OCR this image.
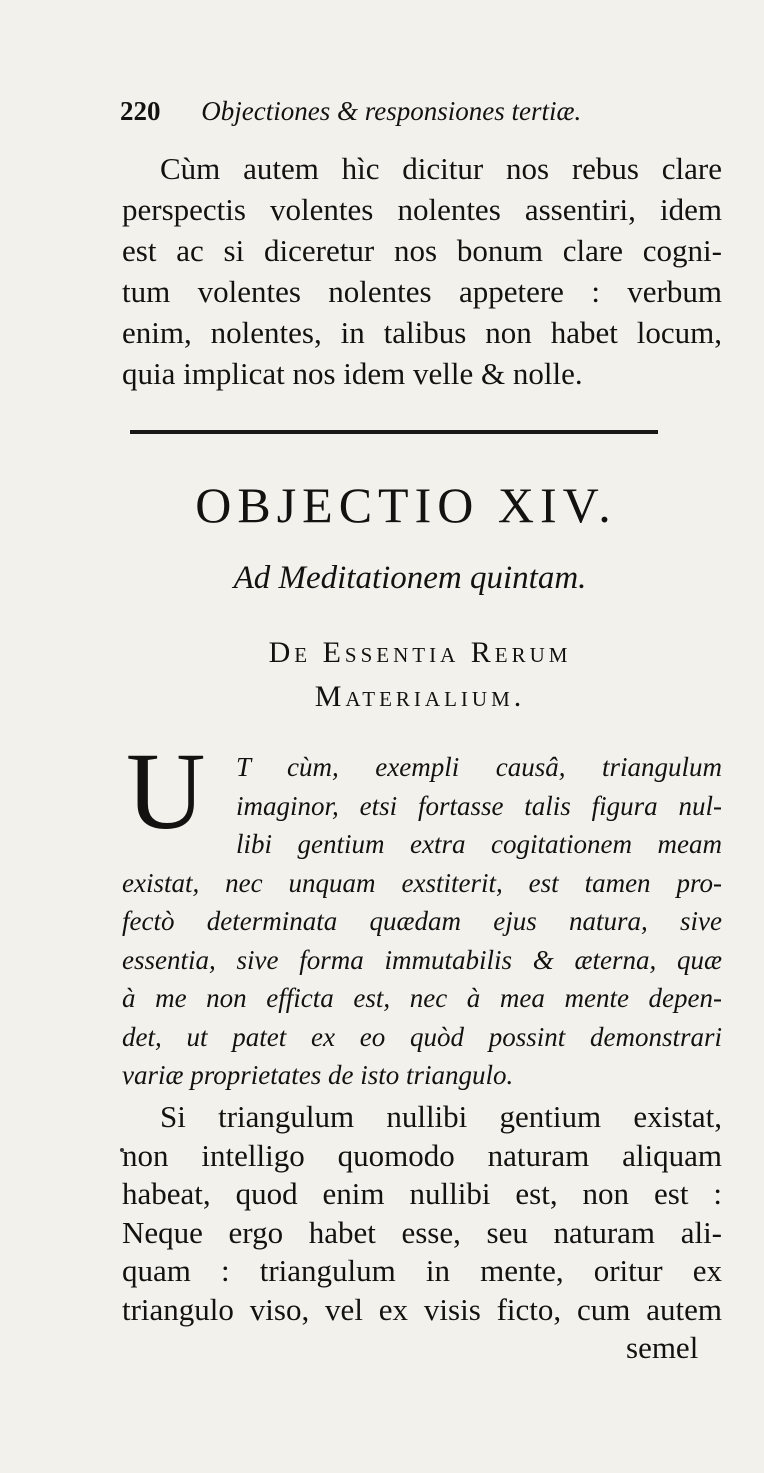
220 Objectiones & responsiones tertiæ.
Cùm autem hìc dicitur nos rebus clare
perspectis volentes nolentes assentiri, idem
est ac si diceretur nos bonum clare cogni-
tum volentes nolentes appetere : verbum
enim, nolentes, in talibus non habet locum,
quia implicat nos idem velle & nolle.
OBJECTIO XIV.
Ad Meditationem quintam.
De Essentia Rerum
Materialium.
U	T cùm, exempli causâ, triangulum
imaginor, etsi fortasse talis figura nul-
libi gentium extra cogitationem meam
existat, nec unquam exstiterit, est tamen pro-
fectò determinata quædam ejus natura, sive
essentia, sive forma immutabilis & æterna, quæ
à me non efficta est, nec à mea mente depen-
det, ut patet ex eo quòd possint demonstrari
variæ proprietates de isto triangulo.
Si triangulum nullibi gentium existat,
non intelligo quomodo naturam aliquam
habeat, quod enim nullibi est, non est :
Neque ergo habet esse, seu naturam ali-
quam : triangulum in mente, oritur ex
triangulo viso, vel ex visis ficto, cum autem
semel
